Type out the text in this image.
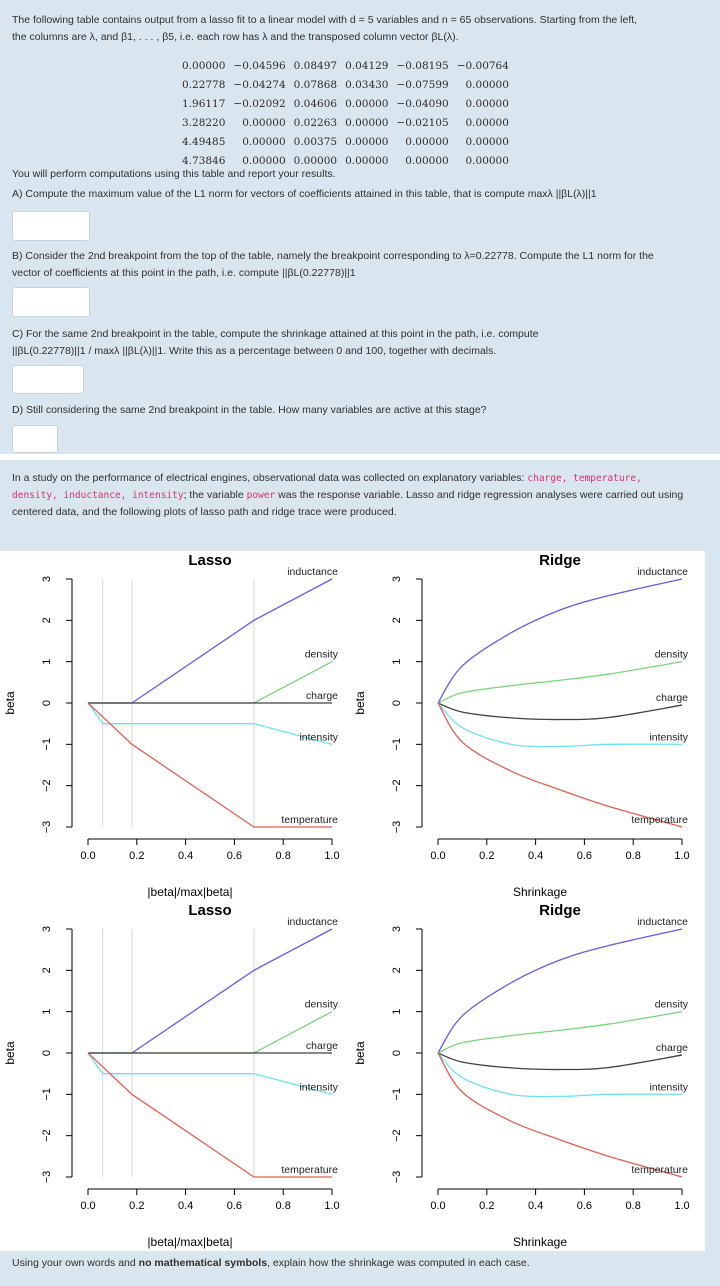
The following table contains output from a lasso fit to a linear model with d = 5 variables and n = 65 observations. Starting from the left,
the columns are λ, and β1, . . . , β5, i.e. each row has λ and the transposed column vector βL(λ).
0.00000	−0.04596	0.08497	0.04129	−0.08195	−0.00764
0.22778	−0.04274	0.07868	0.03430	−0.07599	0.00000
1.96117	−0.02092	0.04606	0.00000	−0.04090	0.00000
3.28220	0.00000	0.02263	0.00000	−0.02105	0.00000
4.49485	0.00000	0.00375	0.00000	0.00000	0.00000
4.73846	0.00000	0.00000	0.00000	0.00000	0.00000
You will perform computations using this table and report your results.
A) Compute the maximum value of the L1 norm for vectors of coefficients attained in this table, that is compute maxλ ||βL(λ)||1
B) Consider the 2nd breakpoint from the top of the table, namely the breakpoint corresponding to λ=0.22778. Compute the L1 norm for the
vector of coefficients at this point in the path, i.e. compute ||βL(0.22778)||1
C) For the same 2nd breakpoint in the table, compute the shrinkage attained at this point in the path, i.e. compute
||βL(0.22778)||1 / maxλ ||βL(λ)||1. Write this as a percentage between 0 and 100, together with decimals.
D) Still considering the same 2nd breakpoint in the table. How many variables are active at this stage?
In a study on the performance of electrical engines, observational data was collected on explanatory variables: charge, temperature,
density, inductance, intensity; the variable power was the response variable. Lasso and ridge regression analyses were carried out using
centered data, and the following plots of lasso path and ridge trace were produced.
Using your own words and no mathematical symbols, explain how the shrinkage was computed in each case.
Lasso
beta
|beta|/max|beta|
3
2
1
0
−1
−2
−3
0.0	0.2	0.4	0.6	0.8	1.0
inductance
density
charge
intensity
temperature
Ridge
beta
Shrinkage
3
2
1
0
−1
−2
−3
0.0	0.2	0.4	0.6	0.8	1.0
inductance
density
charge
intensity
temperature
Lasso
beta
|beta|/max|beta|
3
2
1
0
−1
−2
−3
0.0	0.2	0.4	0.6	0.8	1.0
inductance
density
charge
intensity
temperature
Ridge
beta
Shrinkage
3
2
1
0
−1
−2
−3
0.0	0.2	0.4	0.6	0.8	1.0
inductance
density
charge
intensity
temperature
